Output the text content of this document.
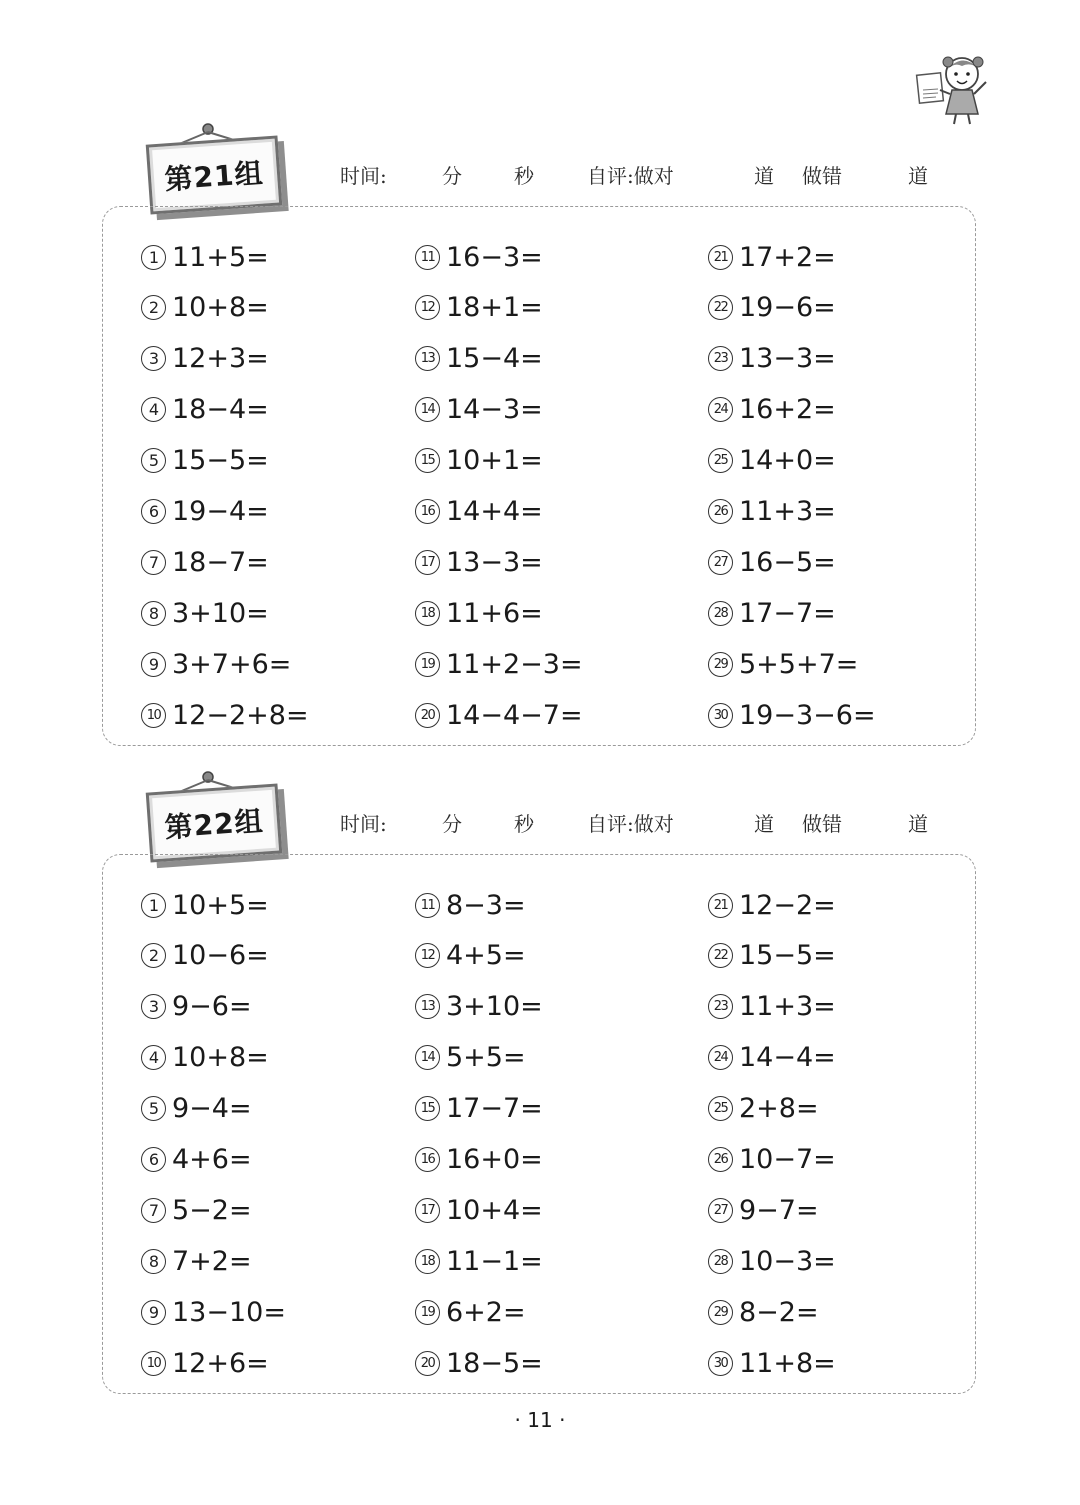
第21组	时间:	分	秒	自评:做对	道 做错	道
1 11+5=
2 10+8=
3 12+3=
4 18−4=
5 15−5=
6 19−4=
7 18−7=
8 3+10=
9 3+7+6=
10 12−2+8=
11 16−3=
12 18+1=
13 15−4=
14 14−3=
15 10+1=
16 14+4=
17 13−3=
18 11+6=
19 11+2−3=
20 14−4−7=
21 17+2=
22 19−6=
23 13−3=
24 16+2=
25 14+0=
26 11+3=
27 16−5=
28 17−7=
29 5+5+7=
30 19−3−6=
第22组	时间:	分	秒	自评:做对	道 做错	道
1 10+5=
2 10−6=
3 9−6=
4 10+8=
5 9−4=
6 4+6=
7 5−2=
8 7+2=
9 13−10=
10 12+6=
11 8−3=
12 4+5=
13 3+10=
14 5+5=
15 17−7=
16 16+0=
17 10+4=
18 11−1=
19 6+2=
20 18−5=
21 12−2=
22 15−5=
23 11+3=
24 14−4=
25 2+8=
26 10−7=
27 9−7=
28 10−3=
29 8−2=
30 11+8=
· 11 ·
